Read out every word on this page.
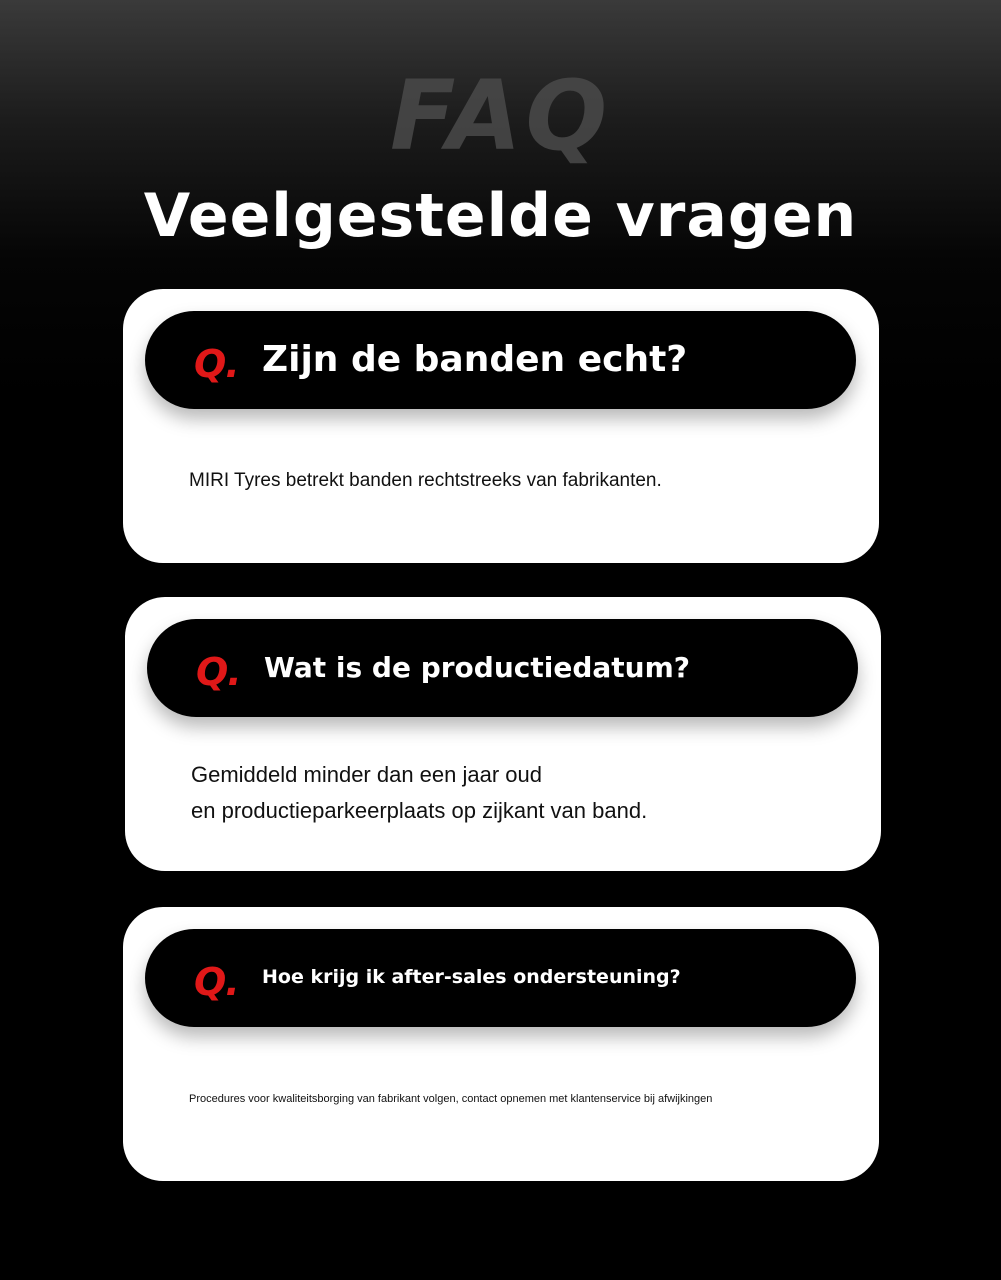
FAQ
Veelgestelde vragen
Q. Zijn de banden echt?
MIRI Tyres betrekt banden rechtstreeks van fabrikanten.
Q. Wat is de productiedatum?
Gemiddeld minder dan een jaar oud
en productieparkeerplaats op zijkant van band.
Q. Hoe krijg ik after-sales ondersteuning?
Procedures voor kwaliteitsborging van fabrikant volgen, contact opnemen met klantenservice bij afwijkingen
